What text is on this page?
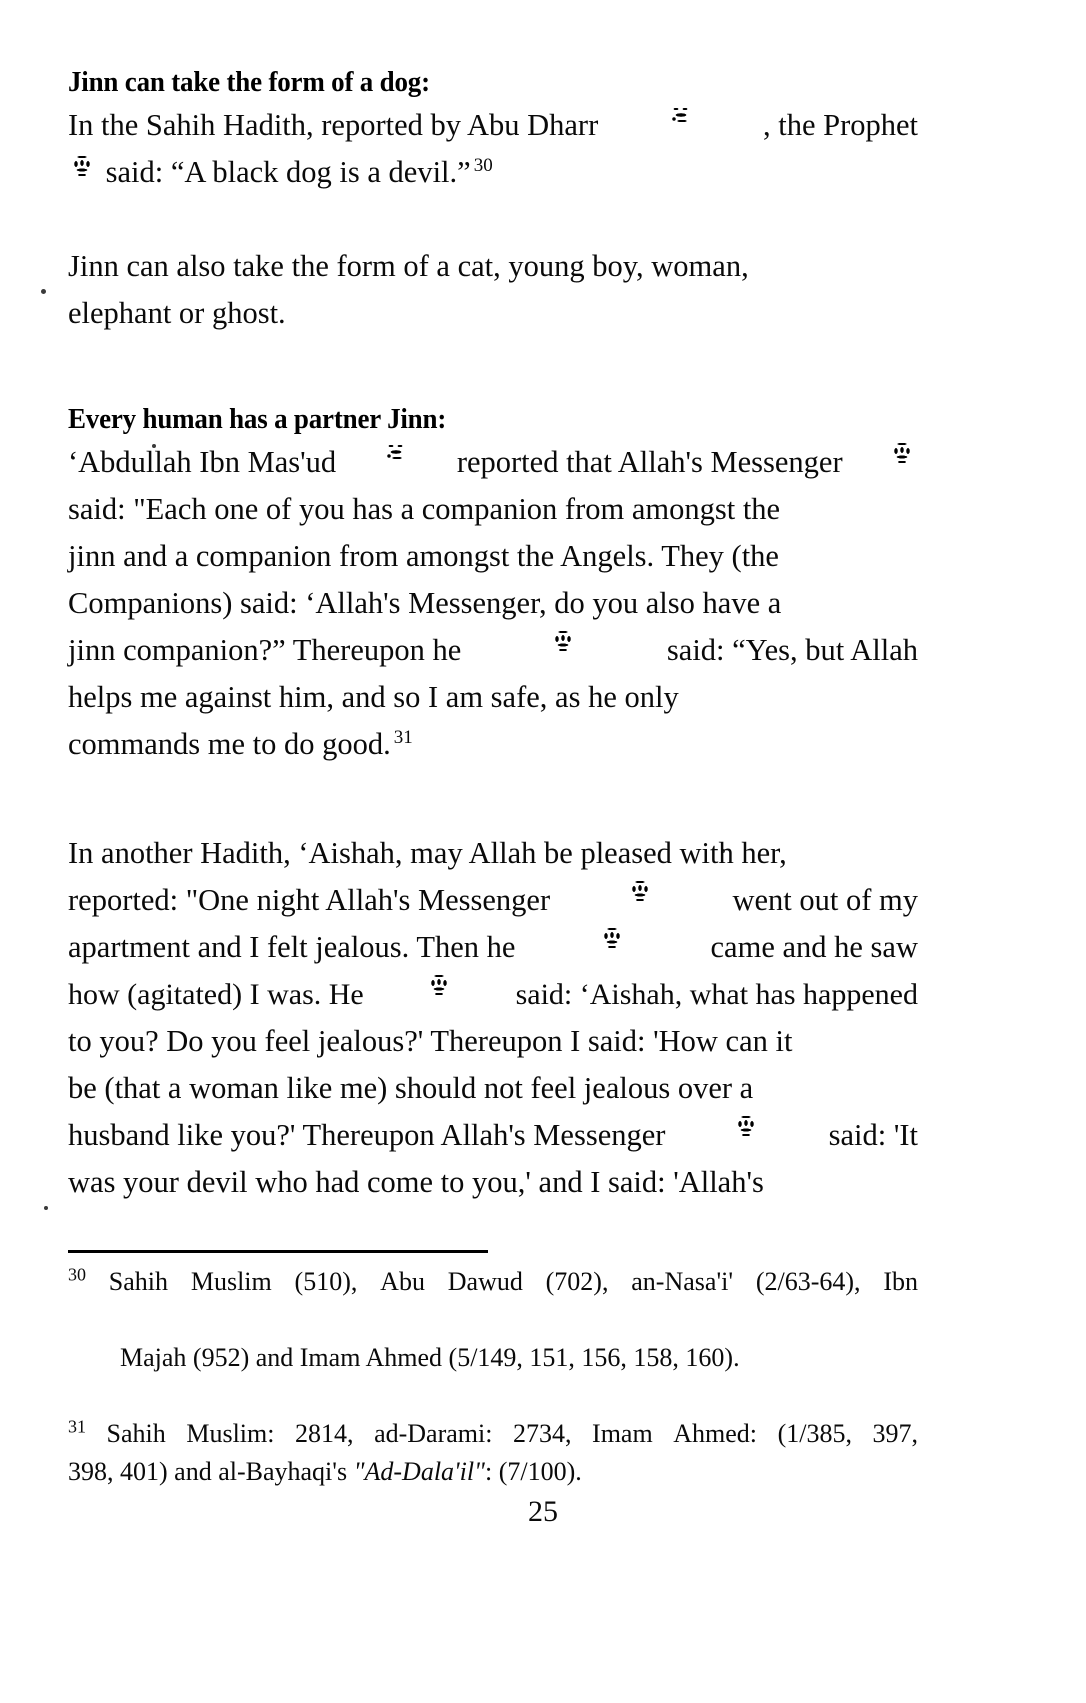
Jinn can take the form of a dog:
In the Sahih Hadith, reported by Abu Dharr	, the Prophet
said: “A black dog is a devil.” $^{30}$
Jinn can also take the form of a cat, young boy, woman,
elephant or ghost.
Every human has a partner Jinn:
‘Abdullah Ibn Mas'ud	reported that Allah's Messenger
said: "Each one of you has a companion from amongst the
jinn and a companion from amongst the Angels. They (the
Companions) said: ‘Allah's Messenger, do you also have a
jinn companion?” Thereupon he	said: “Yes, but Allah
helps me against him, and so I am safe, as he only
commands me to do good. $^{31}$
In another Hadith, ‘Aishah, may Allah be pleased with her,
reported: "One night Allah's Messenger	went out of my
apartment and I felt jealous. Then he	came and he saw
how (agitated) I was. He	said: ‘Aishah, what has happened
to you? Do you feel jealous?' Thereupon I said: 'How can it
be (that a woman like me) should not feel jealous over a
husband like you?' Thereupon Allah's Messenger	said: 'It
was your devil who had come to you,' and I said: 'Allah's
$^{30}$ Sahih Muslim (510), Abu Dawud (702), an-Nasa'i' (2/63-64), Ibn

Majah (952) and Imam Ahmed (5/149, 151, 156, 158, 160).

$^{31}$ Sahih Muslim: 2814, ad-Darami: 2734, Imam Ahmed: (1/385, 397,
398, 401) and al-Bayhaqi's "Ad-Dala'il": (7/100).
25
